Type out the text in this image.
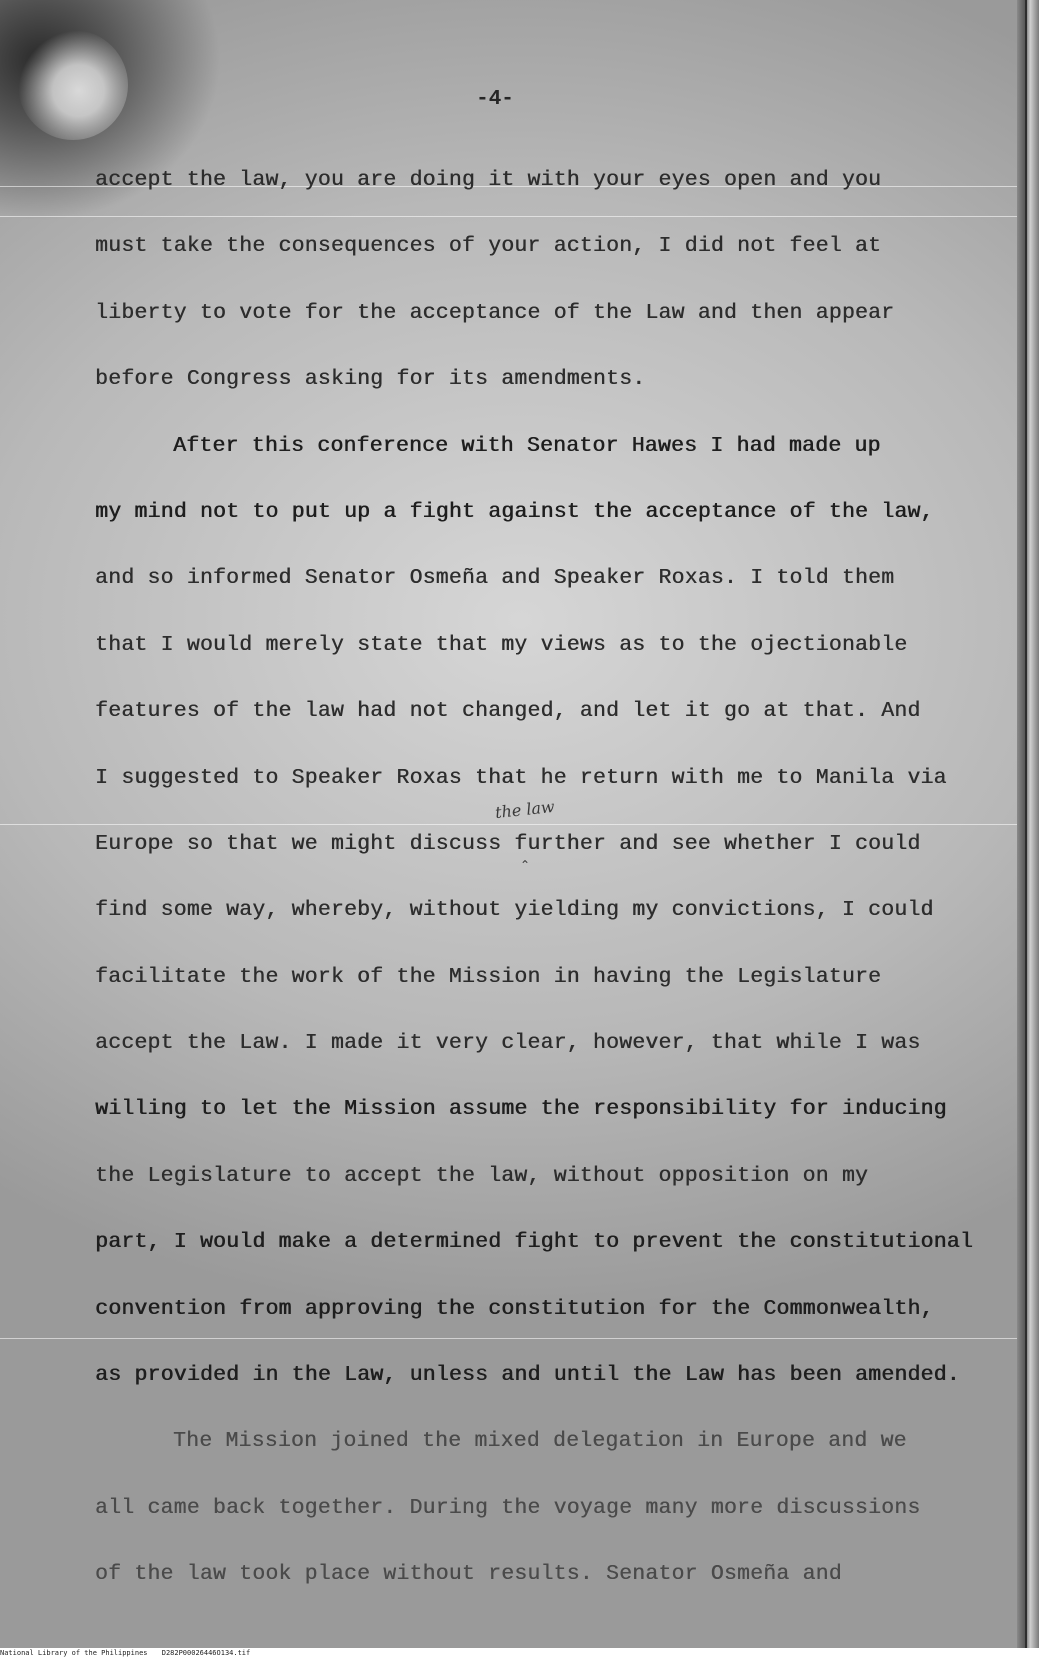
-4-
accept the law, you are doing it with your eyes open and you
must take the consequences of your action, I did not feel at
liberty to vote for the acceptance of the Law and then appear
before Congress asking for its amendments.
After this conference with Senator Hawes I had made up
my mind not to put up a fight against the acceptance of the law,
and so informed Senator Osmeña and Speaker Roxas. I told them
that I would merely state that my views as to the ojectionable
features of the law had not changed, and let it go at that. And
I suggested to Speaker Roxas that he return with me to Manila via
Europe so that we might discuss further and see whether I could
find some way, whereby, without yielding my convictions, I could
facilitate the work of the Mission in having the Legislature
accept the Law. I made it very clear, however, that while I was
willing to let the Mission assume the responsibility for inducing
the Legislature to accept the law, without opposition on my
part, I would make a determined fight to prevent the constitutional
convention from approving the constitution for the Commonwealth,
as provided in the Law, unless and until the Law has been amended.
The Mission joined the mixed delegation in Europe and we
all came back together. During the voyage many more discussions
of the law took place without results. Senator Osmeña and
the law
⌃
National Library of the Philippines D282P00026446O134.tif
